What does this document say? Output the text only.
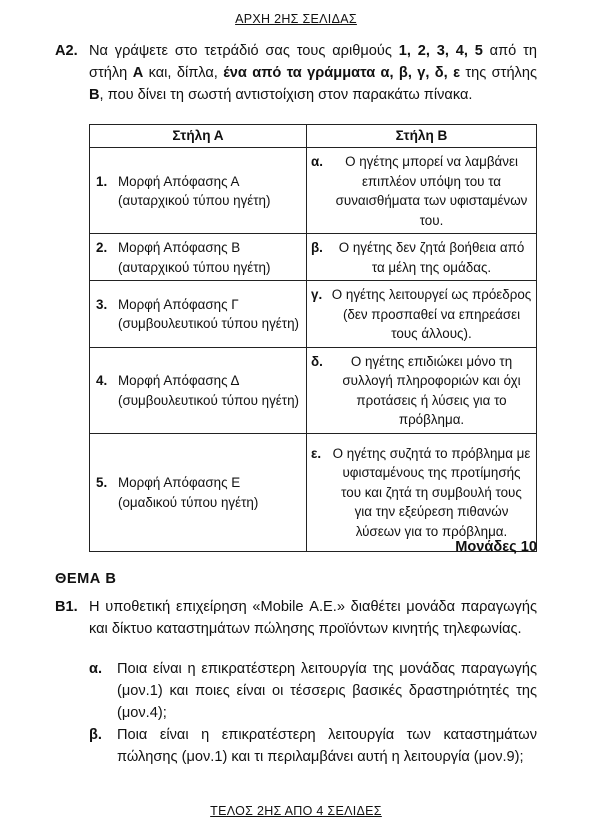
ΑΡΧΗ 2ΗΣ ΣΕΛΙΔΑΣ
Α2. Να γράψετε στο τετράδιό σας τους αριθμούς 1, 2, 3, 4, 5 από τη στήλη Α και, δίπλα, ένα από τα γράμματα α, β, γ, δ, ε της στήλης Β, που δίνει τη σωστή αντιστοίχιση στον παρακάτω πίνακα.
Στήλη Α	Στήλη Β

1. Μορφή Απόφασης Α (αυταρχικού τύπου ηγέτη)	α. Ο ηγέτης μπορεί να λαμβάνει επιπλέον υπόψη του τα συναισθήματα των υφισταμένων του.

2. Μορφή Απόφασης Β (αυταρχικού τύπου ηγέτη)	β. Ο ηγέτης δεν ζητά βοήθεια από τα μέλη της ομάδας.

3. Μορφή Απόφασης Γ (συμβουλευτικού τύπου ηγέτη)	γ. Ο ηγέτης λειτουργεί ως πρόεδρος (δεν προσπαθεί να επηρεάσει τους άλλους).

4. Μορφή Απόφασης Δ (συμβουλευτικού τύπου ηγέτη)	δ. Ο ηγέτης επιδιώκει μόνο τη συλλογή πληροφοριών και όχι προτάσεις ή λύσεις για το πρόβλημα.

5. Μορφή Απόφασης Ε (ομαδικού τύπου ηγέτη)	ε. Ο ηγέτης συζητά το πρόβλημα με υφισταμένους της προτίμησής του και ζητά τη συμβουλή τους για την εξεύρεση πιθανών λύσεων για το πρόβλημα.
Μονάδες 10
ΘΕΜΑ Β
Β1. Η υποθετική επιχείρηση «Mobile Α.Ε.» διαθέτει μονάδα παραγωγής και δίκτυο καταστημάτων πώλησης προϊόντων κινητής τηλεφωνίας.
α. Ποια είναι η επικρατέστερη λειτουργία της μονάδας παραγωγής (μον.1) και ποιες είναι οι τέσσερις βασικές δραστηριότητές της (μον.4);
β. Ποια είναι η επικρατέστερη λειτουργία των καταστημάτων πώλησης (μον.1) και τι περιλαμβάνει αυτή η λειτουργία (μον.9);
ΤΕΛΟΣ 2ΗΣ ΑΠΟ 4 ΣΕΛΙΔΕΣ
